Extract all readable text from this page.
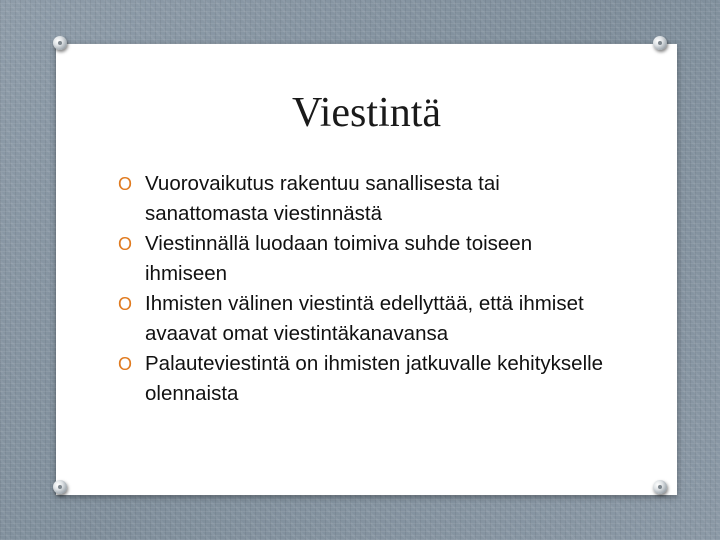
Viestintä
O Vuorovaikutus rakentuu sanallisesta tai sanattomasta viestinnästä
O Viestinnällä luodaan toimiva suhde toiseen ihmiseen
O Ihmisten välinen viestintä edellyttää, että ihmiset avaavat omat viestintäkanavansa
O Palauteviestintä on ihmisten jatkuvalle kehitykselle olennaista
